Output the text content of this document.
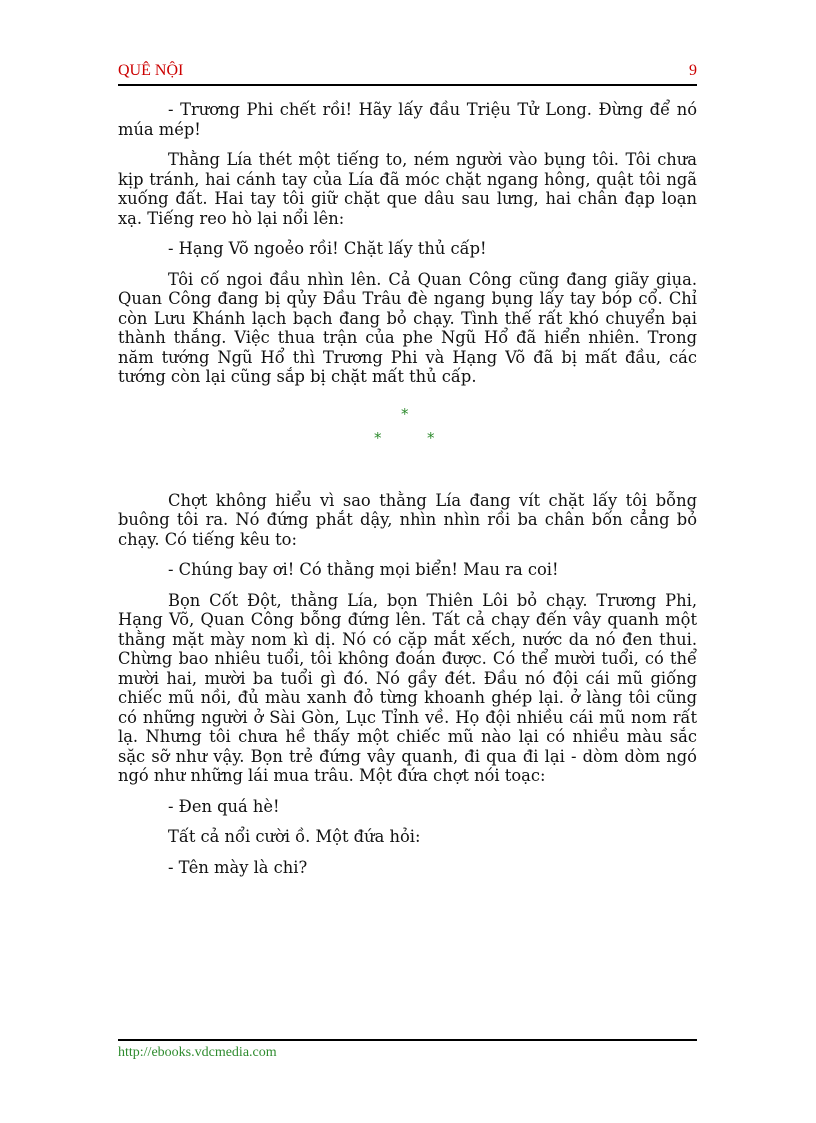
QUÊ NỘI	9

- Trương Phi chết rồi! Hãy lấy đầu Triệu Tử Long. Đừng để nó múa mép!

Thằng Lía thét một tiếng to, ném người vào bụng tôi. Tôi chưa kịp tránh, hai cánh tay của Lía đã móc chặt ngang hông, quật tôi ngã xuống đất. Hai tay tôi giữ chặt que dâu sau lưng, hai chân đạp loạn xạ. Tiếng reo hò lại nổi lên:

- Hạng Võ ngoẻo rồi! Chặt lấy thủ cấp!

Tôi cố ngoi đầu nhìn lên. Cả Quan Công cũng đang giãy giụa. Quan Công đang bị qủy Đầu Trâu đè ngang bụng lấy tay bóp cổ. Chỉ còn Lưu Khánh lạch bạch đang bỏ chạy. Tình thế rất khó chuyển bại thành thắng. Việc thua trận của phe Ngũ Hổ đã hiển nhiên. Trong năm tướng Ngũ Hổ thì Trương Phi và Hạng Võ đã bị mất đầu, các tướng còn lại cũng sắp bị chặt mất thủ cấp.

*
*	*

Chợt không hiểu vì sao thằng Lía đang vít chặt lấy tôi bỗng buông tôi ra. Nó đứng phắt dậy, nhìn nhìn rồi ba chân bốn cẳng bỏ chạy. Có tiếng kêu to:

- Chúng bay ơi! Có thằng mọi biển! Mau ra coi!

Bọn Cốt Đột, thằng Lía, bọn Thiên Lôi bỏ chạy. Trương Phi, Hạng Võ, Quan Công bỗng đứng lên. Tất cả chạy đến vây quanh một thằng mặt mày nom kì dị. Nó có cặp mắt xếch, nước da nó đen thui. Chừng bao nhiêu tuổi, tôi không đoán được. Có thể mười tuổi, có thể mười hai, mười ba tuổi gì đó. Nó gầy đét. Đầu nó đội cái mũ giống chiếc mũ nồi, đủ màu xanh đỏ từng khoanh ghép lại. ở làng tôi cũng có những người ở Sài Gòn, Lục Tỉnh về. Họ đội nhiều cái mũ nom rất lạ. Nhưng tôi chưa hề thấy một chiếc mũ nào lại có nhiều màu sắc sặc sỡ như vậy. Bọn trẻ đứng vây quanh, đi qua đi lại - dòm dòm ngó ngó như những lái mua trâu. Một đứa chợt nói toạc:

- Đen quá hè!

Tất cả nổi cười ồ. Một đứa hỏi:

- Tên mày là chi?

http://ebooks.vdcmedia.com
